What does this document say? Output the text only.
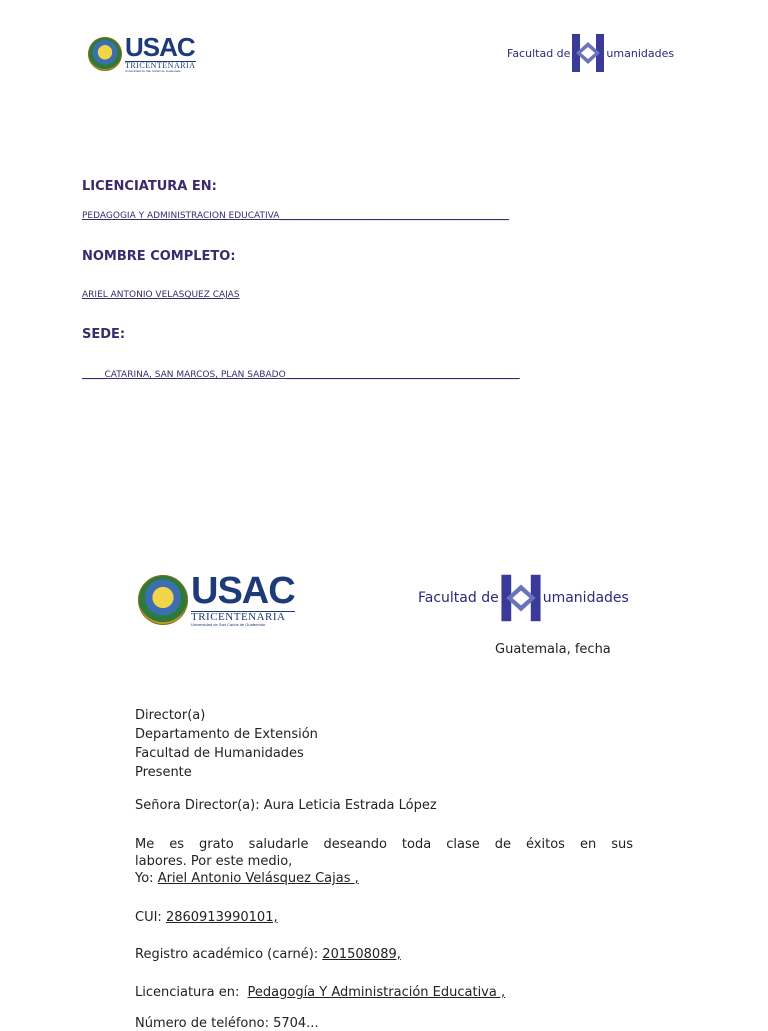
USAC
TRICENTENARIA
Universidad de San Carlos de Guatemala
Facultad de	umanidades
LICENCIATURA EN:
PEDAGOGIA Y ADMINISTRACION EDUCATIVA___________________________________________________
NOMBRE COMPLETO:
ARIEL ANTONIO VELASQUEZ CAJAS
SEDE:
_____CATARINA, SAN MARCOS, PLAN SABADO____________________________________________________
USAC
TRICENTENARIA
Universidad de San Carlos de Guatemala
Facultad de	umanidades
Guatemala, fecha

Director(a)

Departamento de Extensión

Facultad de Humanidades

Presente

Señora Director(a): Aura Leticia Estrada López

Me es grato saludarle deseando toda clase de éxitos en sus

labores. Por este medio,

Yo: Ariel Antonio Velásquez Cajas ,

CUI: 2860913990101,
Registro académico (carné): 201508089,
Licenciatura en: Pedagogía Y Administración Educativa ,
Número de teléfono: 5704...
